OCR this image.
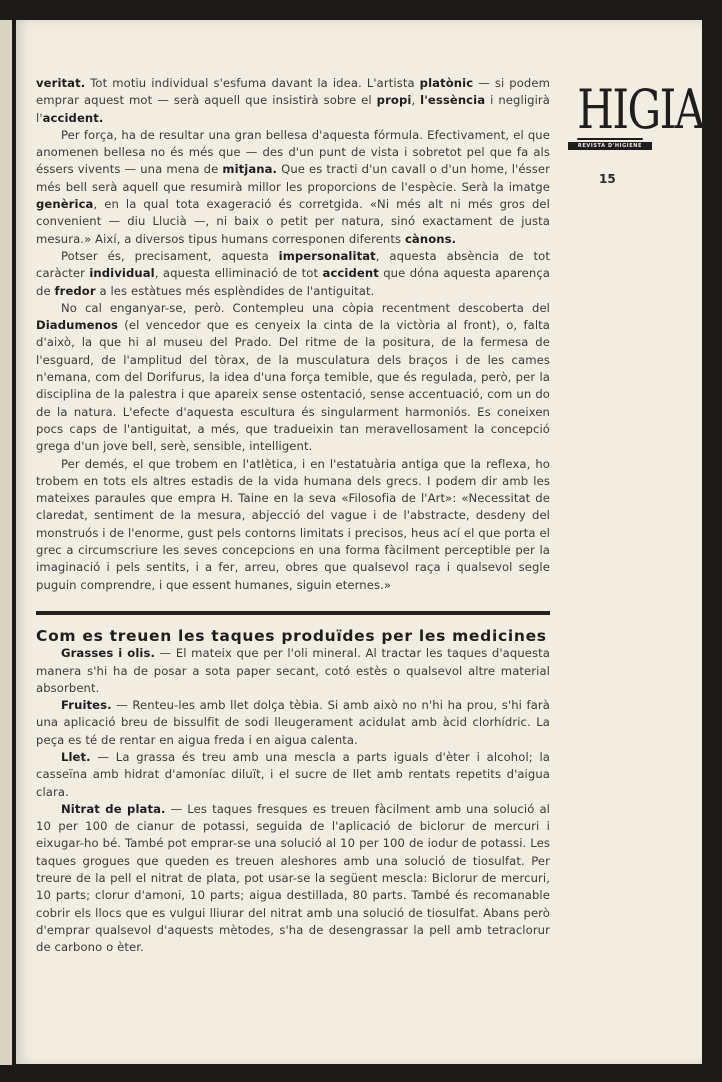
veritat. Tot motiu individual s'esfuma davant la idea. L'artista platònic — si podem emprar aquest mot — serà aquell que insistirà sobre el propi, l'essència i negligirà l'accident.

Per força, ha de resultar una gran bellesa d'aquesta fórmula. Efectivament, el que anomenen bellesa no és més que — des d'un punt de vista i sobretot pel que fa als éssers vivents — una mena de mitjana. Que es tracti d'un cavall o d'un home, l'ésser més bell serà aquell que resumirà millor les proporcions de l'espècie. Serà la imatge genèrica, en la qual tota exageració és corretgida. «Ni més alt ni més gros del convenient — diu Llucià —, ni baix o petit per natura, sinó exactament de justa mesura.» Així, a diversos tipus humans corresponen diferents cànons.

Potser és, precisament, aquesta impersonalitat, aquesta absència de tot caràcter individual, aquesta elliminació de tot accident que dóna aquesta aparença de fredor a les estàtues més esplèndides de l'antiguitat.

No cal enganyar-se, però. Contempleu una còpia recentment descoberta del Diadumenos (el vencedor que es cenyeix la cinta de la victòria al front), o, falta d'això, la que hi al museu del Prado. Del ritme de la positura, de la fermesa de l'esguard, de l'amplitud del tòrax, de la musculatura dels braços i de les cames n'emana, com del Dorifurus, la idea d'una força temible, que és regulada, però, per la disciplina de la palestra i que apareix sense ostentació, sense accentuació, com un do de la natura. L'efecte d'aquesta escultura és singularment harmoniós. Es coneixen pocs caps de l'antiguitat, a més, que tradueixin tan meravellosament la concepció grega d'un jove bell, serè, sensible, intelligent.

Per demés, el que trobem en l'atlètica, i en l'estatuària antiga que la reflexa, ho trobem en tots els altres estadis de la vida humana dels grecs. I podem dir amb les mateixes paraules que empra H. Taine en la seva «Filosofia de l'Art»: «Necessitat de claredat, sentiment de la mesura, abjecció del vague i de l'abstracte, desdeny del monstruós i de l'enorme, gust pels contorns limitats i precisos, heus ací el que porta el grec a circumscriure les seves concepcions en una forma fàcilment perceptible per la imaginació i pels sentits, i a fer, arreu, obres que qualsevol raça i qualsevol segle puguin comprendre, i que essent humanes, siguin eternes.»

Com es treuen les taques produïdes per les medicines

Grasses i olis. — El mateix que per l'oli mineral. Al tractar les taques d'aquesta manera s'hi ha de posar a sota paper secant, cotó estès o qualsevol altre material absorbent.

Fruites. — Renteu-les amb llet dolça tèbia. Si amb això no n'hi ha prou, s'hi farà una aplicació breu de bissulfit de sodi lleugerament acidulat amb àcid clorhídric. La peça es té de rentar en aigua freda i en aigua calenta.

Llet. — La grassa és treu amb una mescla a parts iguals d'èter i alcohol; la casseïna amb hidrat d'amoníac diluït, i el sucre de llet amb rentats repetits d'aigua clara.

Nitrat de plata. — Les taques fresques es treuen fàcilment amb una solució al 10 per 100 de cianur de potassi, seguida de l'aplicació de biclorur de mercuri i eixugar-ho bé. També pot emprar-se una solució al 10 per 100 de iodur de potassi. Les taques grogues que queden es treuen aleshores amb una solució de tiosulfat. Per treure de la pell el nitrat de plata, pot usar-se la següent mescla: Biclorur de mercuri, 10 parts; clorur d'amoni, 10 parts; aigua destillada, 80 parts. També és recomanable cobrir els llocs que es vulgui lliurar del nitrat amb una solució de tiosulfat. Abans però d'emprar qualsevol d'aquests mètodes, s'ha de desengrassar la pell amb tetraclorur de carbono o èter.

HIGIA
REVISTA D'HIGIENE
15
